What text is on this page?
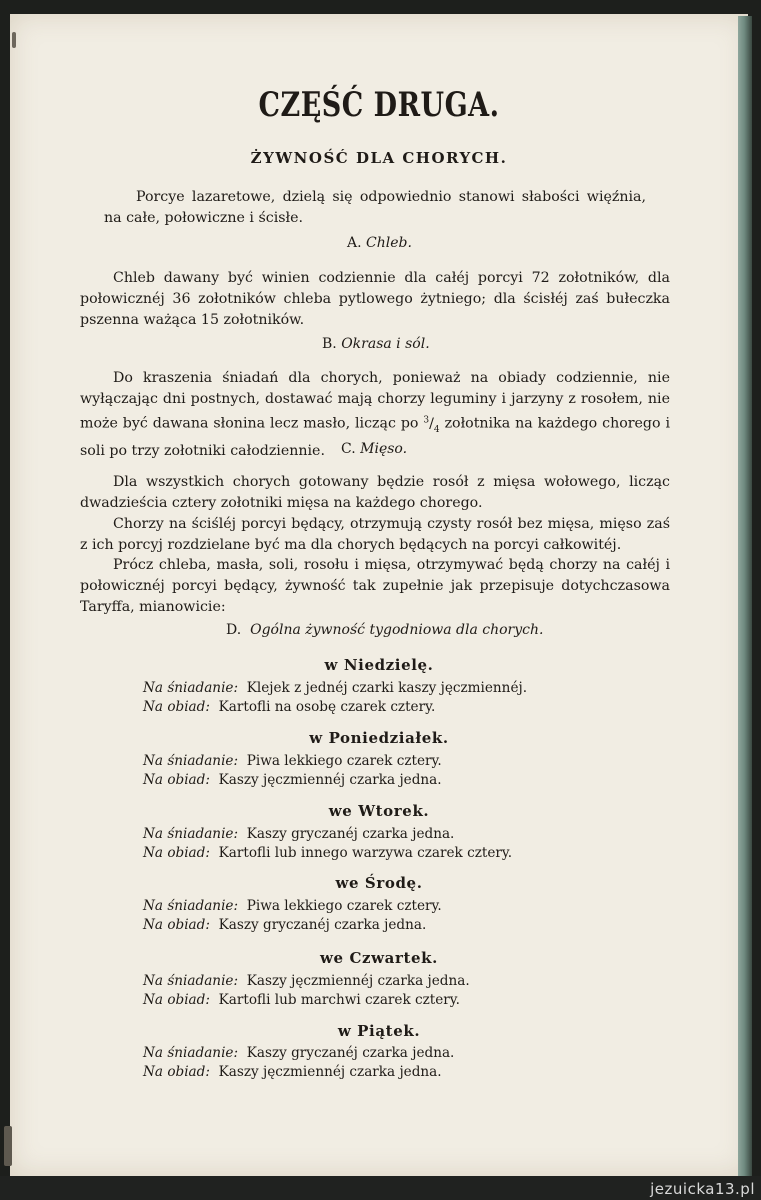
CZĘŚĆ DRUGA.
ŻYWNOŚĆ DLA CHORYCH.
Porcye lazaretowe, dzielą się odpowiednio stanowi słabości więźnia, na całe, połowiczne i ścisłe.
A. Chleb.
Chleb dawany być winien codziennie dla całéj porcyi 72 zołotników, dla połowicznéj 36 zołotników chleba pytlowego żytniego; dla ścisłéj zaś bułeczka pszenna ważąca 15 zołotników.
B. Okrasa i sól.
Do kraszenia śniadań dla chorych, ponieważ na obiady codziennie, nie wyłączając dni postnych, dostawać mają chorzy leguminy i jarzyny z rosołem, nie może być dawana słonina lecz masło, licząc po $^3/_4$ zołotnika na każdego chorego i soli po trzy zołotniki całodziennie.	C. Mięso.
Dla wszystkich chorych gotowany będzie rosół z mięsa wołowego, licząc dwadzieścia cztery zołotniki mięsa na każdego chorego.
Chorzy na ściśléj porcyi będący, otrzymują czysty rosół bez mięsa, mięso zaś z ich porcyj rozdzielane być ma dla chorych będących na porcyi całkowitéj.
Prócz chleba, masła, soli, rosołu i mięsa, otrzymywać będą chorzy na całéj i połowicznéj porcyi będący, żywność tak zupełnie jak przepisuje dotychczasowa Taryffa, mianowicie:
D. Ogólna żywność tygodniowa dla chorych.
w Niedzielę.
Na śniadanie: Klejek z jednéj czarki kaszy jęczmiennéj.
Na obiad: Kartofli na osobę czarek cztery.
w Poniedziałek.
Na śniadanie: Piwa lekkiego czarek cztery.
Na obiad: Kaszy jęczmiennéj czarka jedna.
we Wtorek.
Na śniadanie: Kaszy gryczanéj czarka jedna.
Na obiad: Kartofli lub innego warzywa czarek cztery.
we Środę.
Na śniadanie: Piwa lekkiego czarek cztery.
Na obiad: Kaszy gryczanéj czarka jedna.
we Czwartek.
Na śniadanie: Kaszy jęczmiennéj czarka jedna.
Na obiad: Kartofli lub marchwi czarek cztery.
w Piątek.
Na śniadanie: Kaszy gryczanéj czarka jedna.
Na obiad: Kaszy jęczmiennéj czarka jedna.
jezuicka13.pl
